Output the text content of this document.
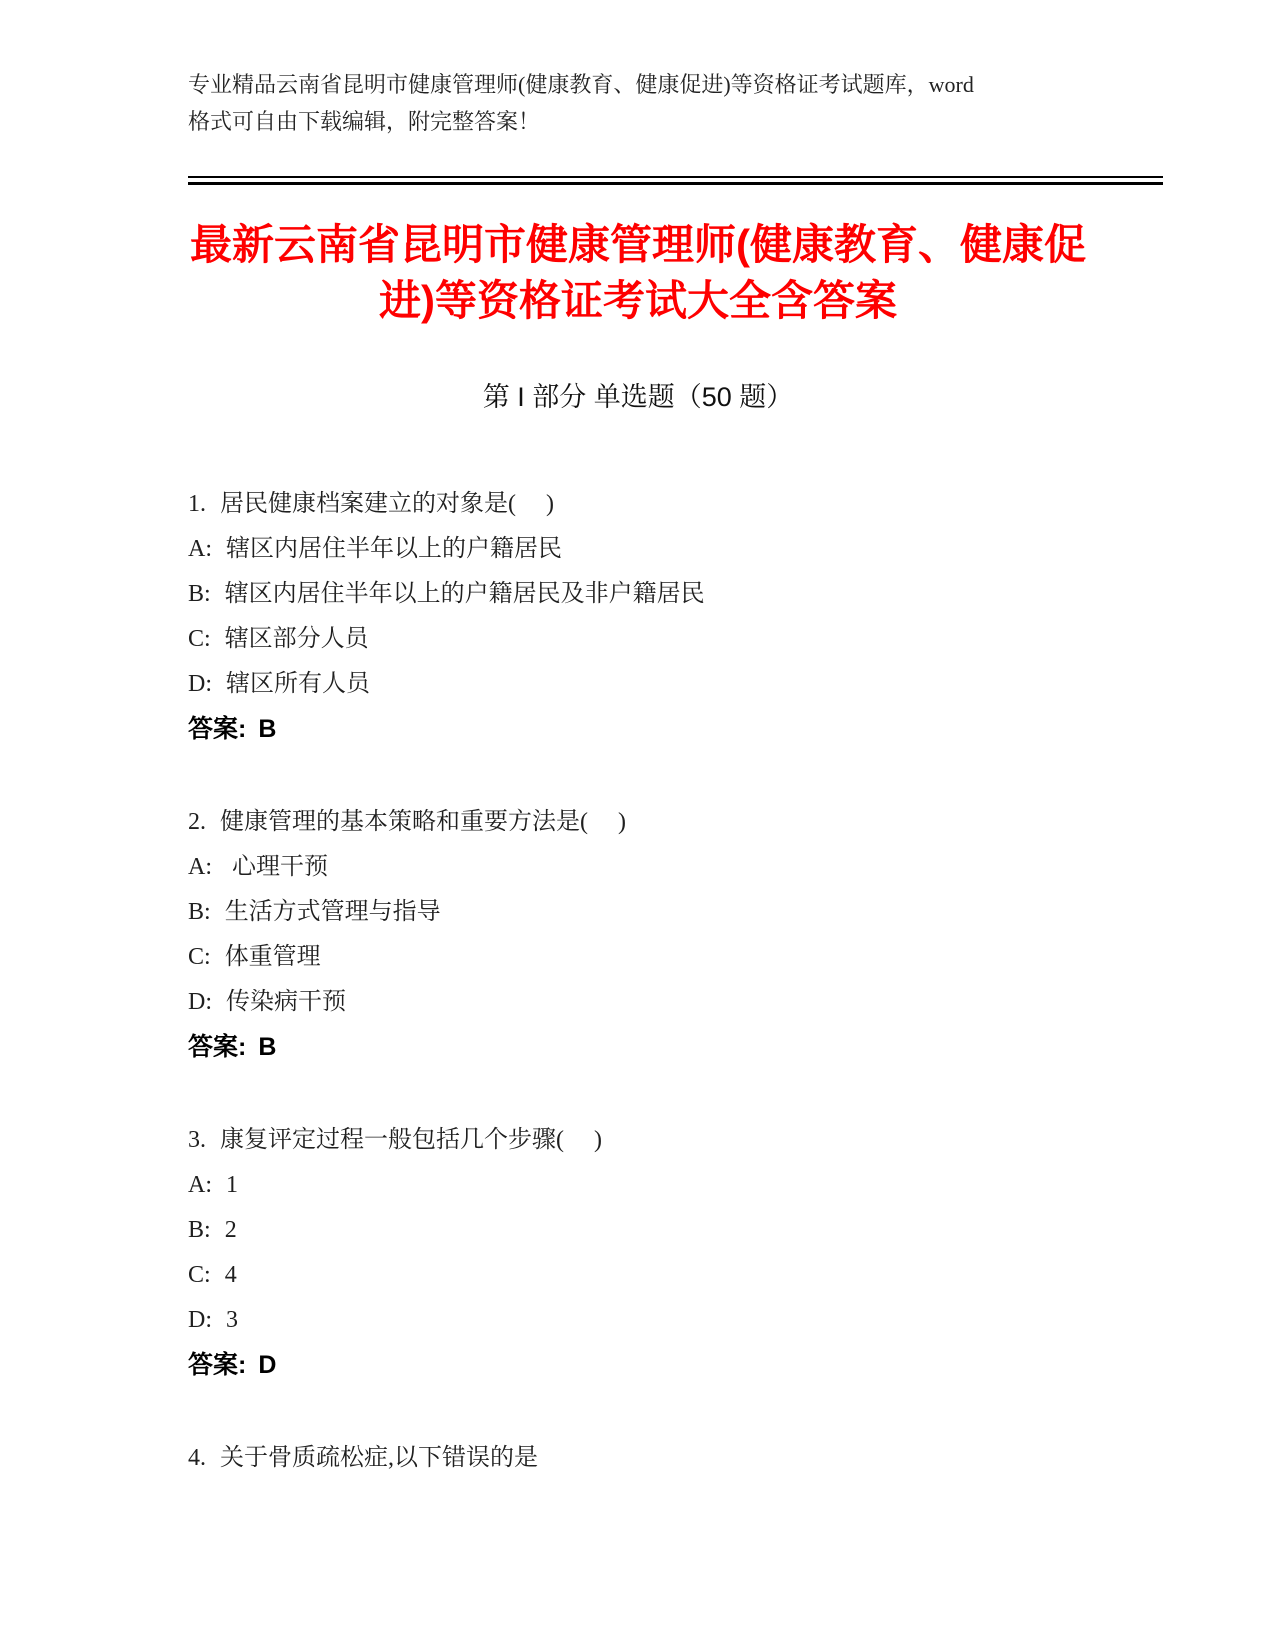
专业精品云南省昆明市健康管理师(健康教育、健康促进)等资格证考试题库，word
格式可自由下载编辑，附完整答案！
最新云南省昆明市健康管理师(健康教育、健康促进)等资格证考试大全含答案
第 I 部分 单选题（50 题）
1. 居民健康档案建立的对象是(     )
A: 辖区内居住半年以上的户籍居民
B: 辖区内居住半年以上的户籍居民及非户籍居民
C: 辖区部分人员
D: 辖区所有人员
答案: B
2. 健康管理的基本策略和重要方法是(     )
A: 心理干预
B: 生活方式管理与指导
C: 体重管理
D: 传染病干预
答案: B
3. 康复评定过程一般包括几个步骤(     )
A: 1
B: 2
C: 4
D: 3
答案: D
4. 关于骨质疏松症,以下错误的是
